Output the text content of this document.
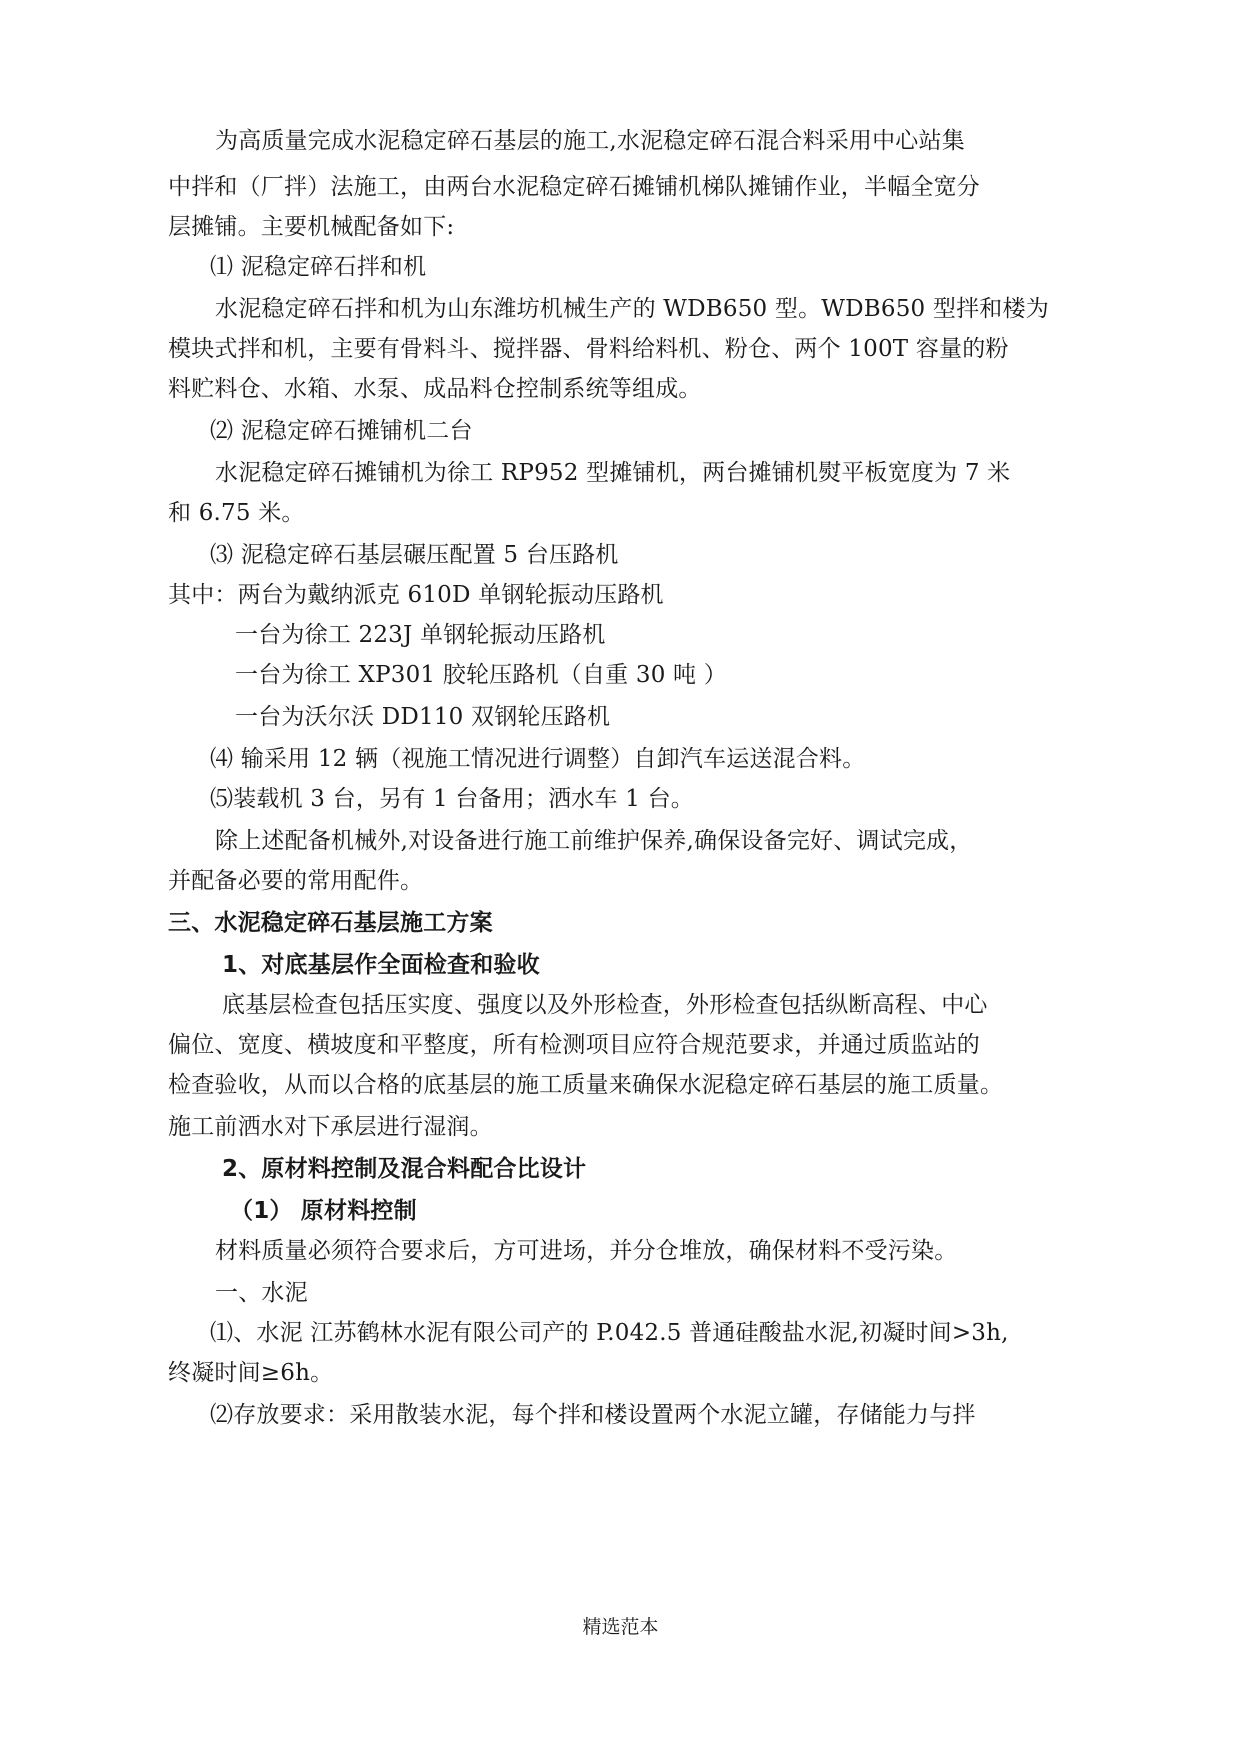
为高质量完成水泥稳定碎石基层的施工,水泥稳定碎石混合料采用中心站集
中拌和（厂拌）法施工，由两台水泥稳定碎石摊铺机梯队摊铺作业，半幅全宽分
层摊铺。主要机械配备如下:
⑴ 泥稳定碎石拌和机
水泥稳定碎石拌和机为山东潍坊机械生产的 WDB650 型。WDB650 型拌和楼为
模块式拌和机，主要有骨料斗、搅拌器、骨料给料机、粉仓、两个 100T 容量的粉
料贮料仓、水箱、水泵、成品料仓控制系统等组成。
⑵ 泥稳定碎石摊铺机二台
水泥稳定碎石摊铺机为徐工 RP952 型摊铺机，两台摊铺机熨平板宽度为 7 米
和 6.75 米。
⑶ 泥稳定碎石基层碾压配置 5 台压路机
其中：两台为戴纳派克 610D 单钢轮振动压路机
一台为徐工 223J 单钢轮振动压路机
一台为徐工 XP301 胶轮压路机（自重 30 吨 ）
一台为沃尔沃 DD110 双钢轮压路机
⑷ 输采用 12 辆（视施工情况进行调整）自卸汽车运送混合料。
⑸装载机 3 台，另有 1 台备用；洒水车 1 台。
除上述配备机械外,对设备进行施工前维护保养,确保设备完好、调试完成，
并配备必要的常用配件。
三、水泥稳定碎石基层施工方案
1、对底基层作全面检查和验收
底基层检查包括压实度、强度以及外形检查，外形检查包括纵断高程、中心
偏位、宽度、横坡度和平整度，所有检测项目应符合规范要求，并通过质监站的
检查验收，从而以合格的底基层的施工质量来确保水泥稳定碎石基层的施工质量。
施工前洒水对下承层进行湿润。
2、原材料控制及混合料配合比设计
（1） 原材料控制
材料质量必须符合要求后，方可进场，并分仓堆放，确保材料不受污染。
一、水泥
⑴、水泥 江苏鹤林水泥有限公司产的 P.042.5 普通硅酸盐水泥,初凝时间>3h,
终凝时间≥6h。
⑵存放要求：采用散装水泥，每个拌和楼设置两个水泥立罐，存储能力与拌
精选范本
